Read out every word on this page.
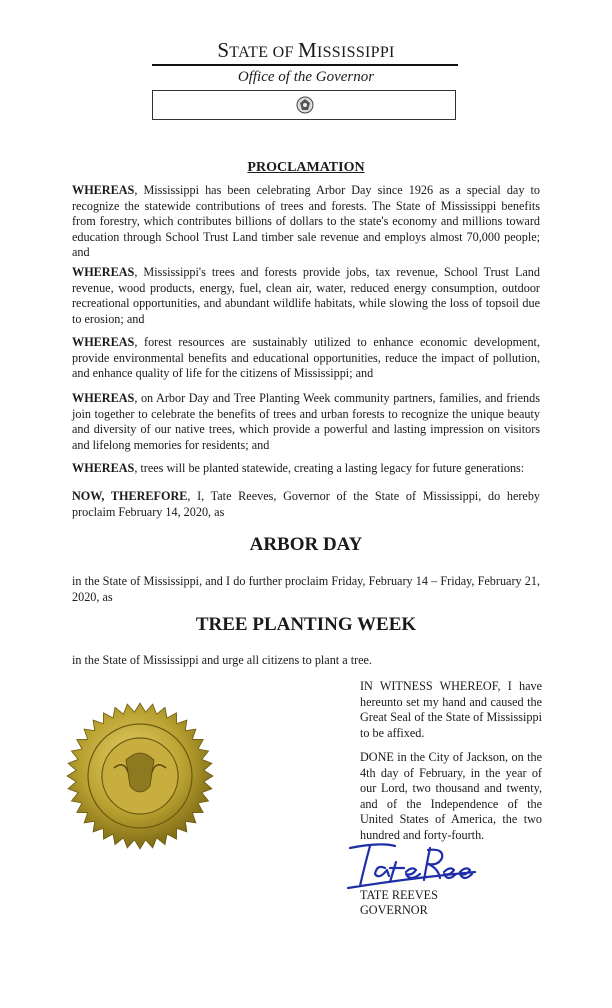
STATE OF MISSISSIPPI
Office of the Governor
PROCLAMATION

WHEREAS, Mississippi has been celebrating Arbor Day since 1926 as a special day to recognize the statewide contributions of trees and forests. The State of Mississippi benefits from forestry, which contributes billions of dollars to the state's economy and millions toward education through School Trust Land timber sale revenue and employs almost 70,000 people; and

WHEREAS, Mississippi's trees and forests provide jobs, tax revenue, School Trust Land revenue, wood products, energy, fuel, clean air, water, reduced energy consumption, outdoor recreational opportunities, and abundant wildlife habitats, while slowing the loss of topsoil due to erosion; and

WHEREAS, forest resources are sustainably utilized to enhance economic development, provide environmental benefits and educational opportunities, reduce the impact of pollution, and enhance quality of life for the citizens of Mississippi; and

WHEREAS, on Arbor Day and Tree Planting Week community partners, families, and friends join together to celebrate the benefits of trees and urban forests to recognize the unique beauty and diversity of our native trees, which provide a powerful and lasting impression on visitors and lifelong memories for residents; and

WHEREAS, trees will be planted statewide, creating a lasting legacy for future generations:

NOW, THEREFORE, I, Tate Reeves, Governor of the State of Mississippi, do hereby proclaim February 14, 2020, as

ARBOR DAY

in the State of Mississippi, and I do further proclaim Friday, February 14 – Friday, February 21, 2020, as

TREE PLANTING WEEK

in the State of Mississippi and urge all citizens to plant a tree.

IN WITNESS WHEREOF, I have hereunto set my hand and caused the Great Seal of the State of Mississippi to be affixed.

DONE in the City of Jackson, on the 4th day of February, in the year of our Lord, two thousand and twenty, and of the Independence of the United States of America, the two hundred and forty-fourth.

TATE REEVES
GOVERNOR
